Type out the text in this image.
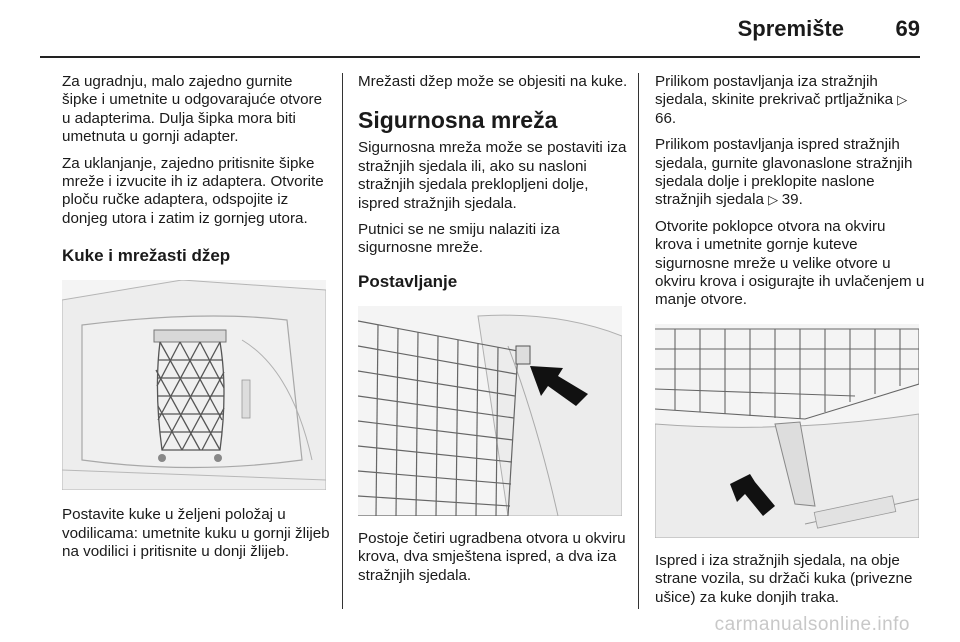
Spremište 69

Za ugradnju, malo zajedno gurnite šipke i umetnite u odgovarajuće otvore u adapterima. Dulja šipka mora biti umetnuta u gornji adapter.

Za uklanjanje, zajedno pritisnite šipke mreže i izvucite ih iz adaptera. Otvorite ploču ručke adaptera, odspojite iz donjeg utora i zatim iz gornjeg utora.

Kuke i mrežasti džep

Postavite kuke u željeni položaj u vodilicama: umetnite kuku u gornji žlijeb na vodilici i pritisnite u donji žlijeb.

Mrežasti džep može se objesiti na kuke.

Sigurnosna mreža

Sigurnosna mreža može se postaviti iza stražnjih sjedala ili, ako su nasloni stražnjih sjedala preklopljeni dolje, ispred stražnjih sjedala.

Putnici se ne smiju nalaziti iza sigurnosne mreže.

Postavljanje

Postoje četiri ugradbena otvora u okviru krova, dva smještena ispred, a dva iza stražnjih sjedala.

Prilikom postavljanja iza stražnjih sjedala, skinite prekrivač prtljažnika ▷ 66.

Prilikom postavljanja ispred stražnjih sjedala, gurnite glavonaslone stražnjih sjedala dolje i preklopite naslone stražnjih sjedala ▷ 39.

Otvorite poklopce otvora na okviru krova i umetnite gornje kuteve sigurnosne mreže u velike otvore u okviru krova i osigurajte ih uvlačenjem u manje otvore.

Ispred i iza stražnjih sjedala, na obje strane vozila, su držači kuka (privezne ušice) za kuke donjih traka.

carmanualsonline.info
